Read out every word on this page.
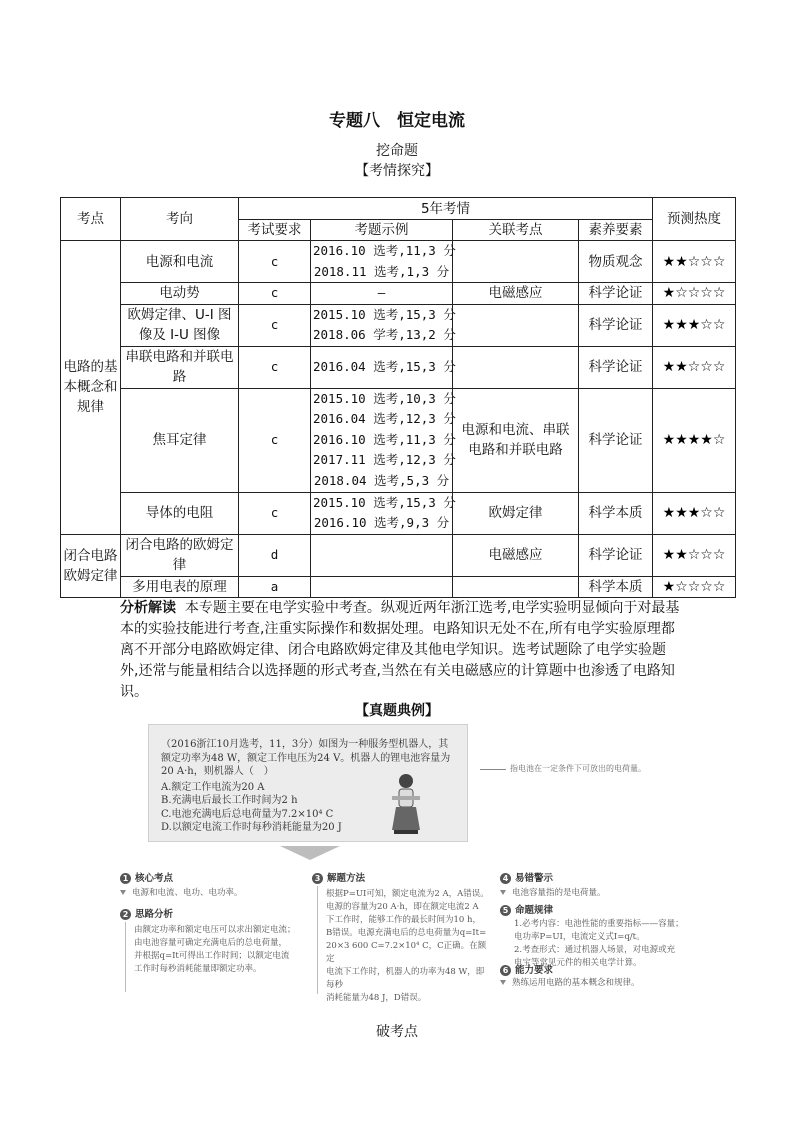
专题八　恒定电流
挖命题
【考情探究】
考点	考向	5年考情				预测热度
		考试要求	考题示例	关联考点	素养要素	
电路的基本概念和规律	电源和电流	c	2016.10 选考,11,3 分
2018.11 选考,1,3 分		物质观念	★★☆☆☆
	电动势	c	—	电磁感应	科学论证	★☆☆☆☆
	欧姆定律、U-I 图像及 I-U 图像	c	2015.10 选考,15,3 分
2018.06 学考,13,2 分		科学论证	★★★☆☆
	串联电路和并联电路	c	2016.04 选考,15,3 分		科学论证	★★☆☆☆
	焦耳定律	c	2015.10 选考,10,3 分
2016.04 选考,12,3 分
2016.10 选考,11,3 分
2017.11 选考,12,3 分
2018.04 选考,5,3 分	电源和电流、串联电路和并联电路	科学论证	★★★★☆
	导体的电阻	c	2015.10 选考,15,3 分
2016.10 选考,9,3 分	欧姆定律	科学本质	★★★☆☆
闭合电路欧姆定律	闭合电路的欧姆定律	d		电磁感应	科学论证	★★☆☆☆
	多用电表的原理	a			科学本质	★☆☆☆☆
分析解读 本专题主要在电学实验中考查。纵观近两年浙江选考,电学实验明显倾向于对最基本的实验技能进行考查,注重实际操作和数据处理。电路知识无处不在,所有电学实验原理都离不开部分电路欧姆定律、闭合电路欧姆定律及其他电学知识。选考试题除了电学实验题外,还常与能量相结合以选择题的形式考查,当然在有关电磁感应的计算题中也渗透了电路知识。
【真题典例】
（2016浙江10月选考，11，3分）如图为一种服务型机器人，其额定功率为48 W，额定工作电压为24 V。机器人的锂电池容量为20 A·h，则机器人（　）
A.额定工作电流为20 A
B.充满电后最长工作时间为2 h
C.电池充满电后总电荷量为7.2×10⁴ C
D.以额定电流工作时每秒消耗能量为20 J
指电池在一定条件下可放出的电荷量。
1 核心考点
电源和电流、电功、电功率。
2 思路分析
由额定功率和额定电压可以求出额定电流；
由电池容量可确定充满电后的总电荷量，
并根据q=It可得出工作时间；以额定电流
工作时每秒消耗能量即额定功率。
3 解题方法
根据P=UI可知，额定电流为2 A，A错误。
电源的容量为20 A·h，即在额定电流2 A
下工作时，能够工作的最长时间为10 h，
B错误。电源充满电后的总电荷量为q=It=
20×3 600 C=7.2×10⁴ C，C正确。在额定
电流下工作时，机器人的功率为48 W，即每秒
消耗能量为48 J，D错误。
4 易错警示
电池容量指的是电荷量。
5 命题规律
1.必考内容：电池性能的重要指标——容量；
电功率P=UI，电流定义式I=q/t。
2.考查形式：通过机器人场景，对电源或充
电宝等常见元件的相关电学计算。
6 能力要求
熟练运用电路的基本概念和规律。
破考点
